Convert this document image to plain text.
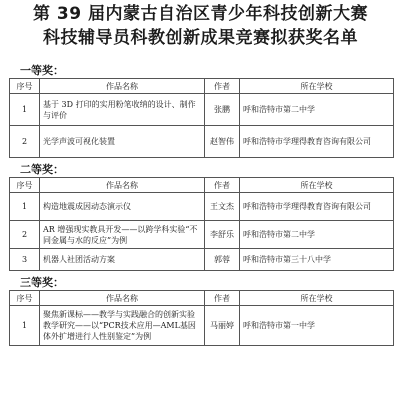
第 39 届内蒙古自治区青少年科技创新大赛
科技辅导员科教创新成果竞赛拟获奖名单
一等奖：
序号	作品名称	作者	所在学校
1	基于 3D 打印的实用粉笔收纳的设计、制作与评价	张鹏	呼和浩特市第二中学
2	光学声波可视化装置	赵智伟	呼和浩特市学理得教育咨询有限公司
二等奖：
序号	作品名称	作者	所在学校
1	构造地震成因动态演示仪	王文杰	呼和浩特市学理得教育咨询有限公司
2	AR 增强现实教具开发——以跨学科实验“不同金属与水的反应”为例	李舒乐	呼和浩特市第二中学
3	机器人社团活动方案	郭蓉	呼和浩特市第三十八中学
三等奖：
序号	作品名称	作者	所在学校
1	聚焦新课标——教学与实践融合的创新实验教学研究——以“PCR技术应用—AML基因体外扩增进行人性别鉴定”为例	马丽婷	呼和浩特市第一中学
